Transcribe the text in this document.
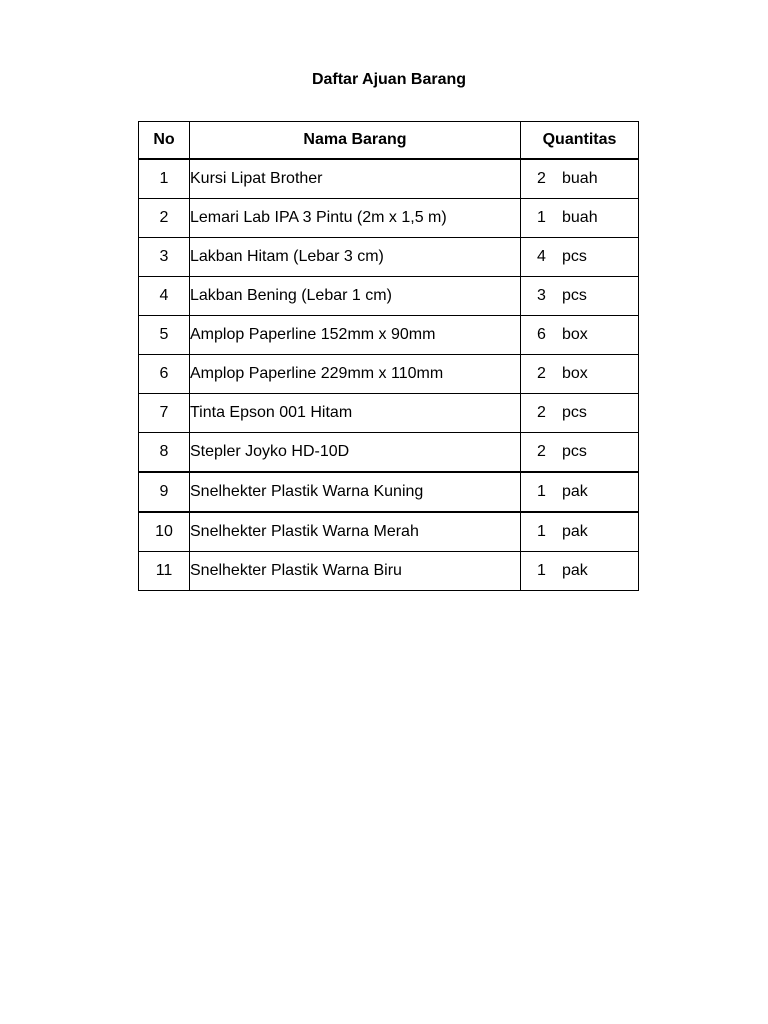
Daftar Ajuan Barang
No	Nama Barang	Quantitas
1	Kursi Lipat Brother	2 buah
2	Lemari Lab IPA 3 Pintu (2m x 1,5 m)	1 buah
3	Lakban Hitam (Lebar 3 cm)	4 pcs
4	Lakban Bening (Lebar 1 cm)	3 pcs
5	Amplop Paperline 152mm x 90mm	6 box
6	Amplop Paperline 229mm x 110mm	2 box
7	Tinta Epson 001 Hitam	2 pcs
8	Stepler Joyko HD-10D	2 pcs
9	Snelhekter Plastik Warna Kuning	1 pak
10	Snelhekter Plastik Warna Merah	1 pak
11	Snelhekter Plastik Warna Biru	1 pak
